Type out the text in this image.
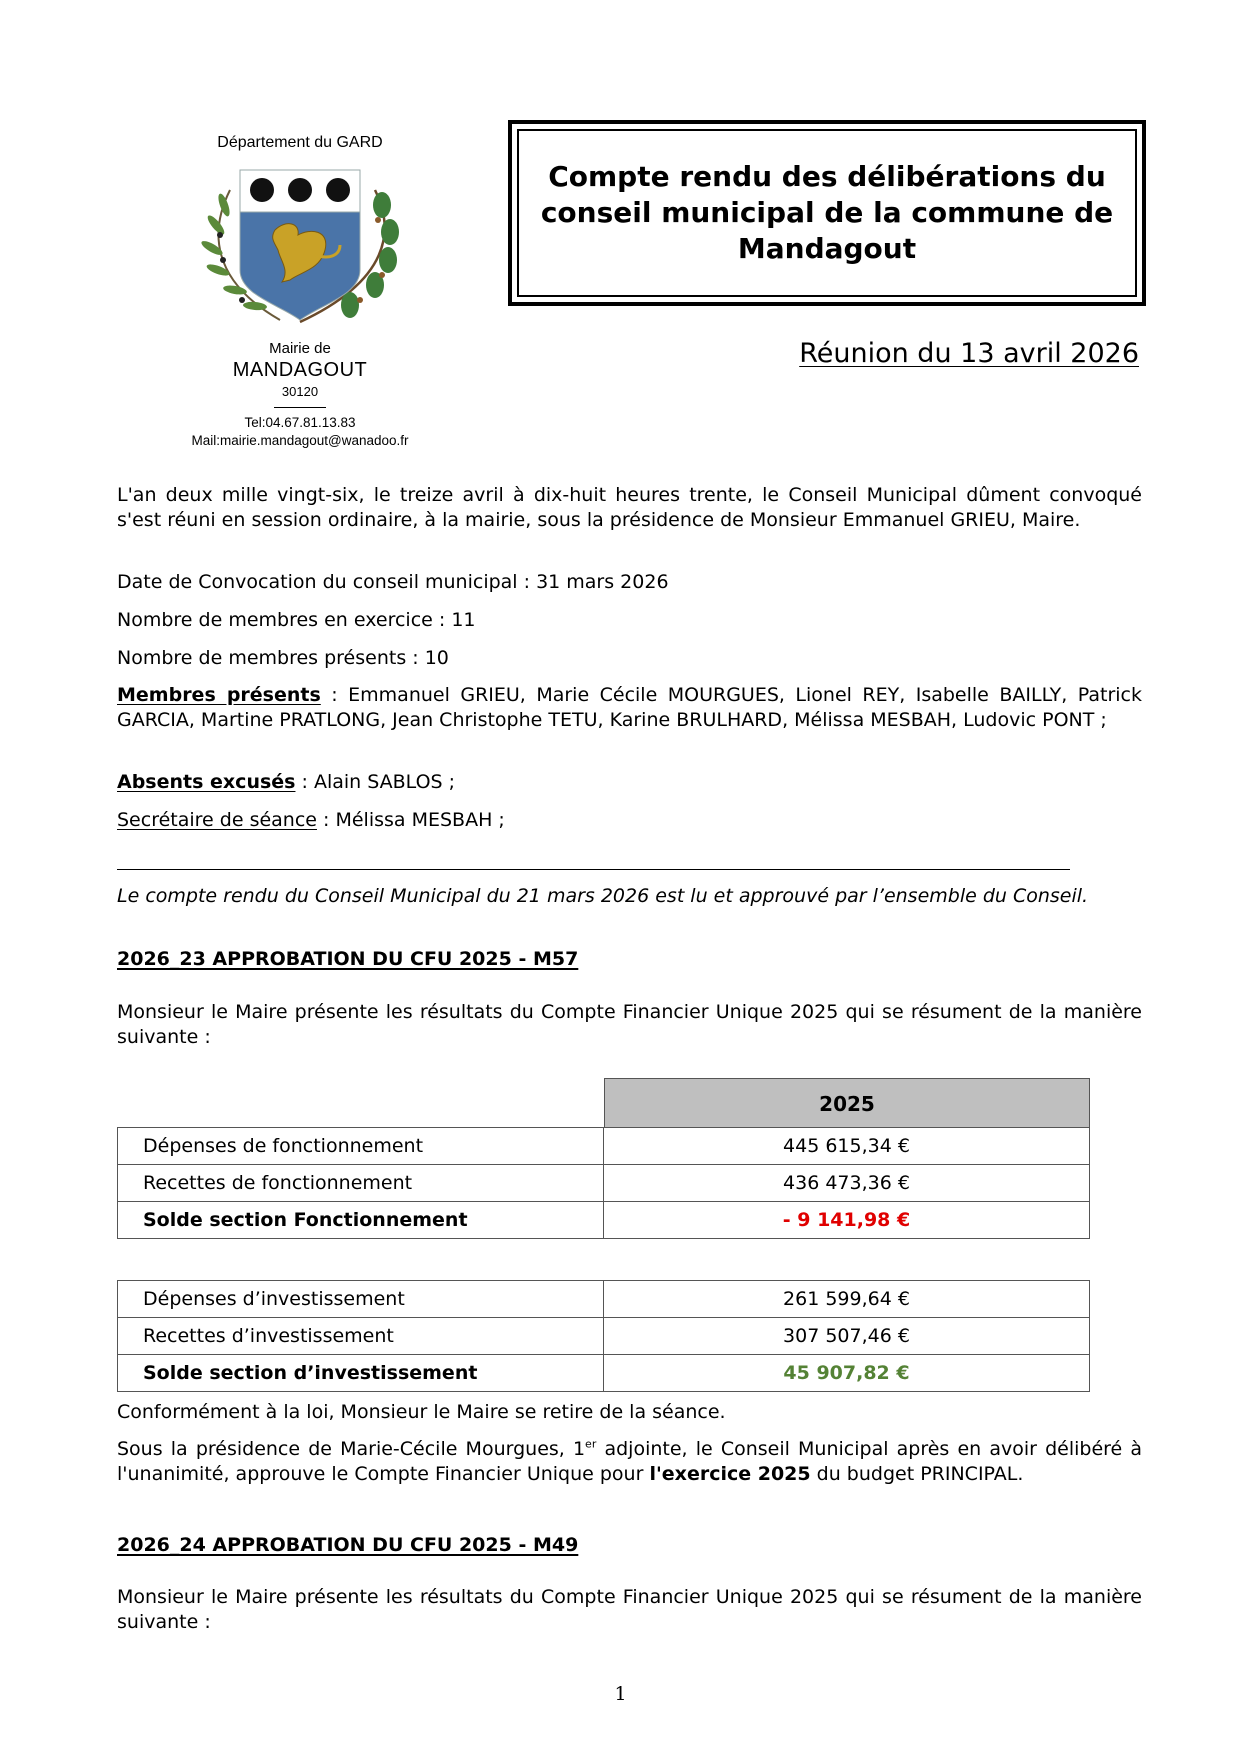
Département du GARD
Mairie de
MANDAGOUT
30120
Tel:04.67.81.13.83
Mail:mairie.mandagout@wanadoo.fr
Compte rendu des délibérations du conseil municipal de la commune de Mandagout
Réunion du 13 avril 2026
L'an deux mille vingt-six, le treize avril à dix-huit heures trente, le Conseil Municipal dûment convoqué s'est réuni en session ordinaire, à la mairie, sous la présidence de Monsieur Emmanuel GRIEU, Maire.
Date de Convocation du conseil municipal : 31 mars 2026
Nombre de membres en exercice : 11
Nombre de membres présents : 10
Membres présents : Emmanuel GRIEU, Marie Cécile MOURGUES, Lionel REY, Isabelle BAILLY, Patrick GARCIA, Martine PRATLONG, Jean Christophe TETU, Karine BRULHARD, Mélissa MESBAH, Ludovic PONT ;
Absents excusés : Alain SABLOS ;
Secrétaire de séance : Mélissa MESBAH ;
Le compte rendu du Conseil Municipal du 21 mars 2026 est lu et approuvé par l’ensemble du Conseil.
2026_23 APPROBATION DU CFU 2025 - M57
Monsieur le Maire présente les résultats du Compte Financier Unique 2025 qui se résument de la manière suivante :
2025
Dépenses de fonctionnement	445 615,34 €
Recettes de fonctionnement	436 473,36 €
Solde section Fonctionnement	- 9 141,98 €
Dépenses d’investissement	261 599,64 €
Recettes d’investissement	307 507,46 €
Solde section d’investissement	45 907,82 €
Conformément à la loi, Monsieur le Maire se retire de la séance.
Sous la présidence de Marie-Cécile Mourgues, 1er adjointe, le Conseil Municipal après en avoir délibéré à l'unanimité, approuve le Compte Financier Unique pour l'exercice 2025 du budget PRINCIPAL.
2026_24 APPROBATION DU CFU 2025 - M49
Monsieur le Maire présente les résultats du Compte Financier Unique 2025 qui se résument de la manière suivante :
1
